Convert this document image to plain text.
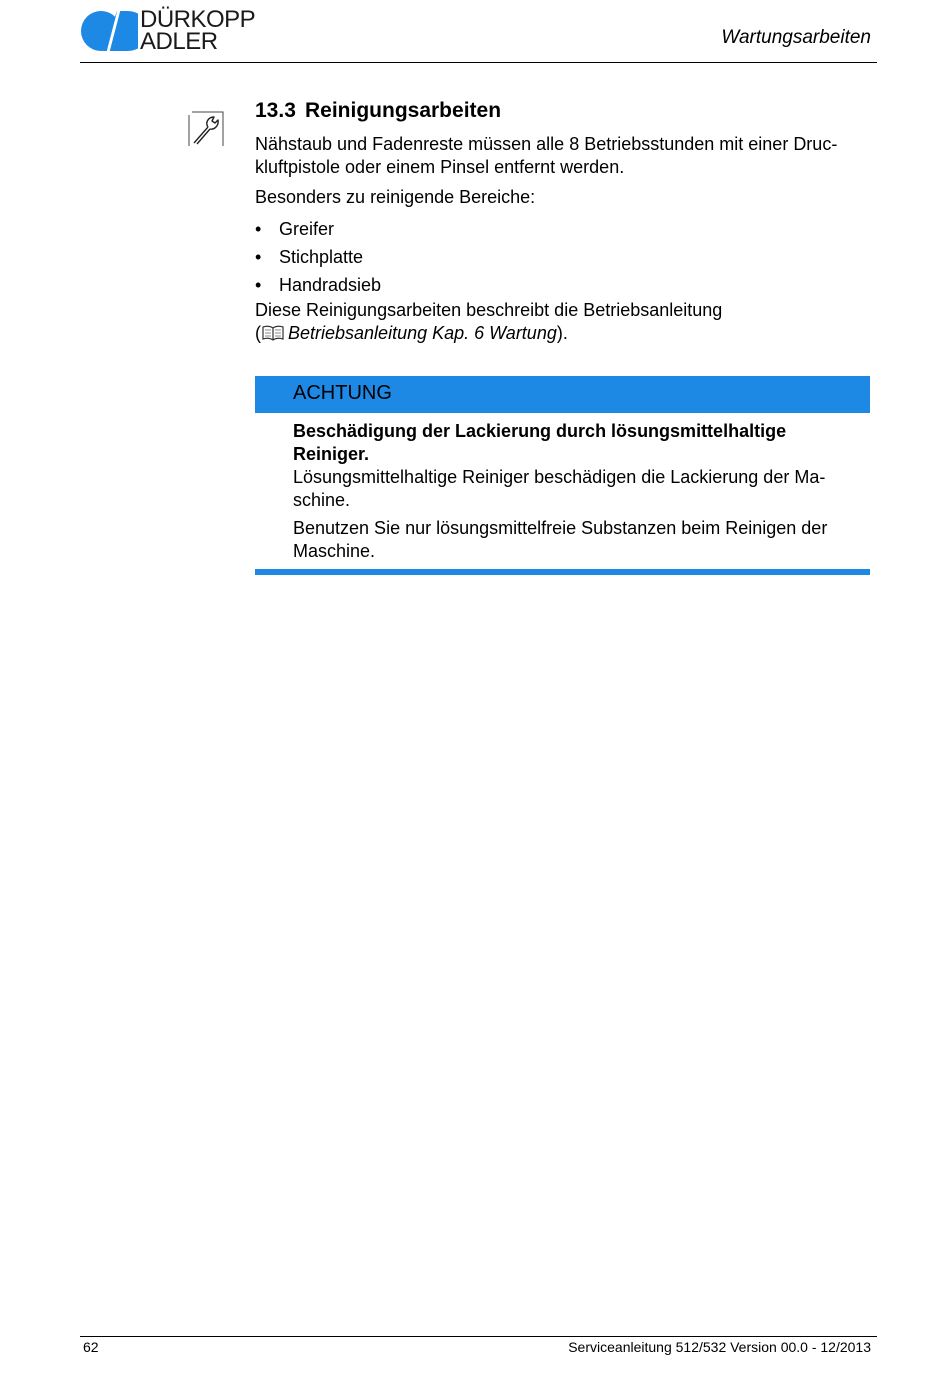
DÜRKOPP
ADLER	Wartungsarbeiten
13.3 Reinigungsarbeiten
Nähstaub und Fadenreste müssen alle 8 Betriebsstunden mit einer Druc-
kluftpistole oder einem Pinsel entfernt werden.
Besonders zu reinigende Bereiche:
• Greifer
• Stichplatte
• Handradsieb
Diese Reinigungsarbeiten beschreibt die Betriebsanleitung
( Betriebsanleitung Kap. 6 Wartung).
ACHTUNG
Beschädigung der Lackierung durch lösungsmittelhaltige
Reiniger.
Lösungsmittelhaltige Reiniger beschädigen die Lackierung der Ma-
schine.
Benutzen Sie nur lösungsmittelfreie Substanzen beim Reinigen der
Maschine.
62	Serviceanleitung 512/532 Version 00.0 - 12/2013
